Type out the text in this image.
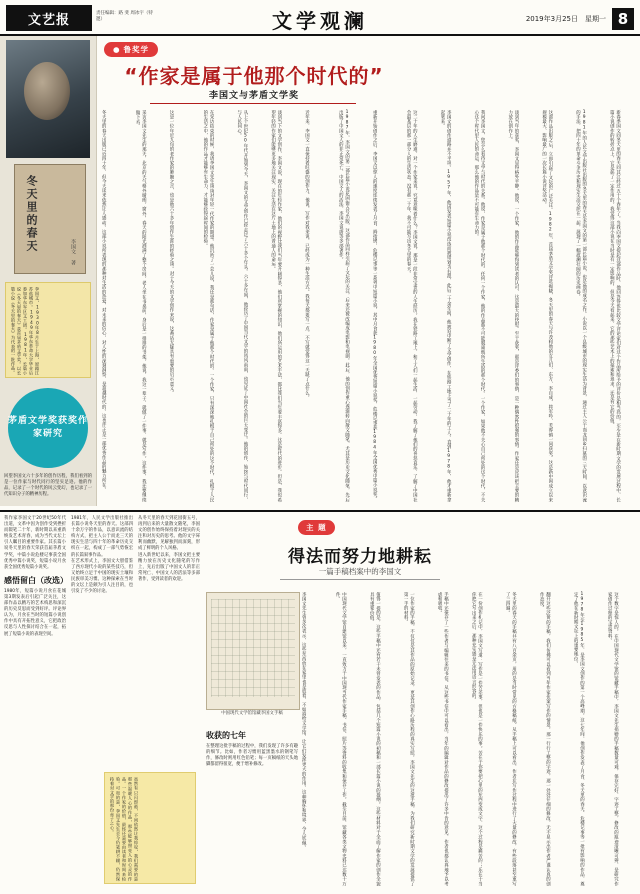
文艺报	责任编辑：路 斐 周冰宇（特邀）	文学观澜	2019年3月25日　星期一 8
冬天里的春天	李国文 著
李国文，1930年8月生于上海，原籍江苏盐城市。1949年华东革命大学毕业后参加华东军区文工团。1981年，长篇小说《冬天里的春天》获首届茅盾文学奖。以长篇小说《冬天里的春天》为代表的一批作品。
茅盾文学奖获奖作家研究
回望李国文六十多年的创作历程，我们看到的是一位作家与时代同行的坚实足迹。他的作品，记录了一个时代的风云变幻，也记录了一代知识分子的精神历程。
● 鲁奖学
“作家是属于他那个时代的”
李国文与茅盾文学奖
新春季国文同冬天里的春天同其江经过五十个春年了。当我向李国文提起这部作品时，他回答得也比较文学评论家们对这个作品所给予的评价是相当高的，至少是在新时期文学的发展过程中，长篇小说创作的转折点上，它是起了一定作用的。我觉得这部小说在当时是有一定影响的，但是今天看起来，它的那些艺术上的探索和追求，还是有它的价值。
1981年的人民文学出版社出版的冬天里的春天是李国文的第一部长篇小说，也是他的成名之作。小说以一个县级城市的现实生活为背景，通过主人公于而龙回乡扫墓的三天时间，以意识流的手法，把四十年的革命斗争历史和现实生活交织在一起，展现了一幅波澜壮阔的历史画卷。
这部作品出版之后，立即引起了文坛的广泛关注。1982年，首届茅盾文学奖评选揭晓，冬天里的春天与许茂和他的女儿们、东方、李自成、将军吟、芙蓉镇一同获奖。这是新中国成立以来规模最大、影响最广的一次长篇小说评奖活动。
谈到当年的获奖，李国文显得格外平静。他说，一个作家，他的作品能够得到读者的认可，这是最大的快慰。至于获奖，那是评委们的事情，是一种偶然性很强的事情。作家还是应该把主要的精力放在创作上。
我问李国文，您怎么看待文学与时代的关系。他说，作家是属于他那个时代的。任何一个作家，他的作品都不可能脱离他所生活的那个时代。一个作家，如果他不关心自己所处的这个时代，不关心这个时代里人民的命运，那么他的作品是不可能有生命力的。
李国文的创作道路并不平坦。1957年，他因发表短篇小说改选而被错划为右派，此后二十余年间，他被迫中断了文学创作，在铁路工地上当了二十年的工人。直到1978年，他才重新拿起笔来。
这二十年的人生磨难，对一个作家来说，究竟意味着什么？李国文说，那是一段非常宝贵的人生经历。我在铁路工地上，和工人们一起生活，一起劳动，我了解了他们的喜怒哀乐，了解了中国社会最基层的那一部分人的生活状态。没有那二十年，我不可能写出冬天里的春天。
重新开始创作之后，李国文以惊人的速度连续发表了月食、拇指铐、危楼记事等一系列中短篇小说，其中月食获1980年全国优秀短篇小说奖，危楼记事获1984年全国优秀中篇小说奖。
1987年，李国文的第二部长篇小说花园街五号出版，这部作品同样引起了文坛的关注，后来还被改编成电影和电视剧。此后，他的创作重心逐渐转向散文随笔，尤其是历史文化随笔，先后出版了中国文人的非正常死亡、中国文人的活法、李国文说唐等多部著作。
近年来，李国文一直保持着旺盛的创作力。他说，写作对我来说，已经成为一种生活方式。我每天都要写一点，不写就觉得这一天缺了点什么。
谈到当下的文学创作，李国文说，现在的年轻作家，他们的视野比我们当年要开阔得多，他们所掌握的知识，他们所运用的艺术手法，都比我们当年要丰富得多。这是时代的进步。但是，我也希望年轻的作家们能够更多地关注现实，关注生活在这片土地上的普通人的命运。
从上个世纪50年代开始到今天，李国文的文学创作已经走过了六十多个年头。六十多年间，他经历了中国当代文学的风风雨雨，也见证了中国社会的巨大变迁。他的创作，始终与时代同行，与人民同心。
在采访结束的时候，我请李国文先生谈谈对年轻一代作家的期望。他沉吟了一会儿说，我还是那句话，作家是属于他那个时代的。一个作家，只有深深地扎根于自己所处的这个时代，扎根于人民的生活之中，他的作品才能够有生命力，才能够经得起时间的检验。
这是一位年近九旬的老作家的肺腑之言，也是他六十多年创作生涯的经验之谈。对于今天的文学创作来说，这番话无疑具有重要的启示意义。
采访李国文先生的那天，北京的天气格外晴朗。窗外，春天的阳光洒满了整个房间。老人坐在书桌前，身后是一排排的书架。他说，我这一辈子，就做了一件事，就是写作。这件事，我还要继续做下去。
冬天里的春天出版已近四十年，但今天读来依然让人感动。这部小说所表现的那种对生活的热爱，对未来的信心，对人性的深刻洞察，是超越时代的。这也许正是一部优秀作品的魅力所在。
我作家李国文于20世纪50年代出道，文革中因为创作受到挫折而辍笔二十年，新时期以来重新焕发艺术青春，成为当代文坛上引人瞩目的重要作家。其长篇小说冬天里的春天荣获首届茅盾文学奖，中篇小说危楼记事获全国优秀中篇小说奖，短篇小说月食获全国优秀短篇小说奖。
感悟留白（改选）
1980年，短篇小说月食在花城第3期发表后引起广泛关注，这部作品以精巧的艺术构思和深沉的历史反思而受到好评。评论界认为，月食在当时的短篇小说创作中具有开拓性意义，它把政治反思与人性探讨结合在一起，拓展了短篇小说的表现空间。
1981年，人民文学出版社推出长篇小说冬天里的春天。这部四十余万字的作品，以意识流的结构方式，把主人公于而龙三天的现实生活与四十年的革命历史交织在一起，构成了一部气势恢宏的长篇叙事作品。
在艺术形式上，李国文大胆借鉴了西方现代小说的某些技巧，但又始终立足于中国的现实土壤和民族审美习惯。这种探索在当时的文坛上是颇为引人注目的，也引发了不少的讨论。
从冬天里的春天到花园街五号，再到后来的大量散文随笔，李国文的创作始终保持着对现实的关注和对历史的思考。他的文字犀利而幽默，见解独到而深刻，形成了鲜明的个人风格。
进入新世纪以来，李国文把主要精力放在历史文化随笔的写作上，先后出版了中国文人的非正常死亡、中国文人的活法等多部著作，受到读者的欢迎。
虽然有只闪即逝，不同依然让我惊叹，我们需要的是那些温暖人心的作品，那些能够照亮人的心灵的作品。一个作家的价值，最终还是要由读者和时间来检验。可贵的是，李国文先生至今仍笔耕不辍，仍然保持着对文学的那份赤子之心。
主 题
得法而努力地耕耘
一篇手稿档案中的李国文
中国现代文学馆馆藏李国文手稿	这个数字是惊人的。在中国现代文学馆的馆藏手稿中，李国文先生捐赠的手稿数量可观，保存完好，字迹工整，修改的痕迹清晰可辨，是研究作家创作过程的宝贵资料。
1978年至1985年，是李国文创作的第一个高峰期。这七年间，他创作发表了月食、冬天里的春天、危楼记事等一批有影响的作品，奠定了他在新时期文坛上的重要地位。
翻开这些泛黄的手稿，我们仿佛可以看到当年作家伏案写作的情景。那一行行工整的字迹，那一处处仔细的修改，无不显示出作者严谨认真的创作态度。
冬天里的春天的手稿共有八百余页，用的是当时常见的方格稿纸。从手稿上可以看出，作者在写作过程中进行了大量的修改，有些段落甚至重写了三四遍。
在一份创作札记中，李国文写道：写作是一件苦差事，但也是一件快乐的事。苦在于你要把心里的东西变成文字，这个过程是痛苦的；乐在于当你把它写出来之后，那种充实感是无法用语言形容的。
手稿中还保存了一些作者与编辑往来的书信。从这些书信中可以看出，当年的编辑对作品的修改提出了许多中肯的意见，作者也都认真地予以考虑和吸收。
一位作家的手稿，不仅仅是其作品的原始记录，更是其创作心路历程的真实写照。李国文先生的这批手稿，为我们研究新时期文学的发展提供了第一手的材料。
值得一提的是，这些手稿中还有若干未曾发表的作品，包括几个短篇小说的初稿和一部长篇小说的提纲。这些材料对于全面了解作家的创作全貌具有重要价值。
中国现代文学馆自建馆以来，一直致力于中国现当代作家手稿、书信、照片等资料的收集和保存工作。截至目前，馆藏各类文物史料已达数十万件。
李国文先生曾多次表示，这些东西放在家里也是放着，不如捐给文学馆，让它们发挥更大的作用。这种胸怀和境界，令人钦佩。
收获的七年
在整理这批手稿的过程中，我们发现了许多有趣的细节。比如，作者习惯用蓝黑墨水的钢笔写作，修改时则用红色铅笔；每一页稿纸的天头地脚都留得很宽，便于增补修改。
